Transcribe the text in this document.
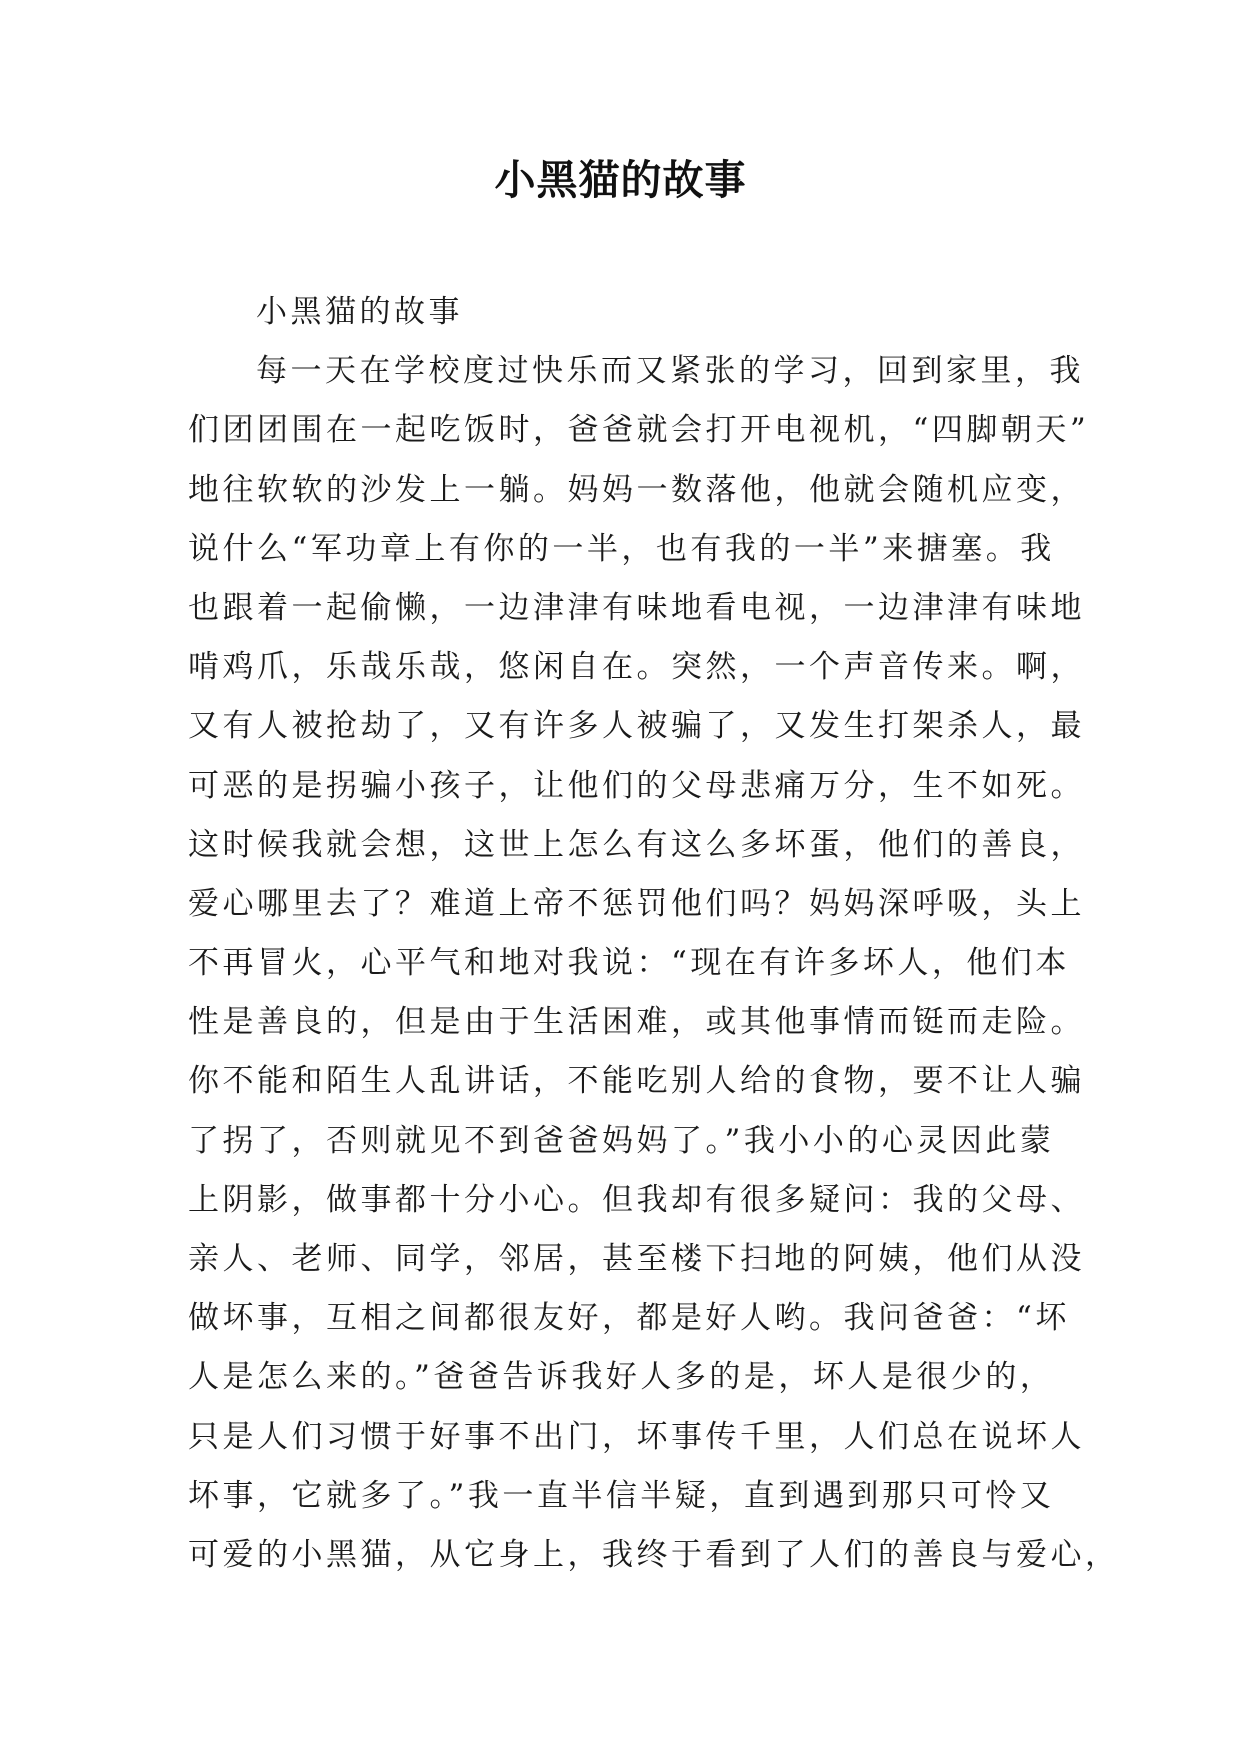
小黑猫的故事
小黑猫的故事
每一天在学校度过快乐而又紧张的学习，回到家里，我
们团团围在一起吃饭时，爸爸就会打开电视机，“四脚朝天”
地往软软的沙发上一躺。妈妈一数落他，他就会随机应变，
说什么“军功章上有你的一半，也有我的一半”来搪塞。我
也跟着一起偷懒，一边津津有味地看电视，一边津津有味地
啃鸡爪，乐哉乐哉，悠闲自在。突然，一个声音传来。啊，
又有人被抢劫了，又有许多人被骗了，又发生打架杀人，最
可恶的是拐骗小孩子，让他们的父母悲痛万分，生不如死。
这时候我就会想，这世上怎么有这么多坏蛋，他们的善良，
爱心哪里去了？难道上帝不惩罚他们吗？妈妈深呼吸，头上
不再冒火，心平气和地对我说：“现在有许多坏人，他们本
性是善良的，但是由于生活困难，或其他事情而铤而走险。
你不能和陌生人乱讲话，不能吃别人给的食物，要不让人骗
了拐了，否则就见不到爸爸妈妈了。”我小小的心灵因此蒙
上阴影，做事都十分小心。但我却有很多疑问：我的父母、
亲人、老师、同学，邻居，甚至楼下扫地的阿姨，他们从没
做坏事，互相之间都很友好，都是好人哟。我问爸爸：“坏
人是怎么来的。”爸爸告诉我好人多的是，坏人是很少的，
只是人们习惯于好事不出门，坏事传千里，人们总在说坏人
坏事，它就多了。”我一直半信半疑，直到遇到那只可怜又
可爱的小黑猫，从它身上，我终于看到了人们的善良与爱心，
